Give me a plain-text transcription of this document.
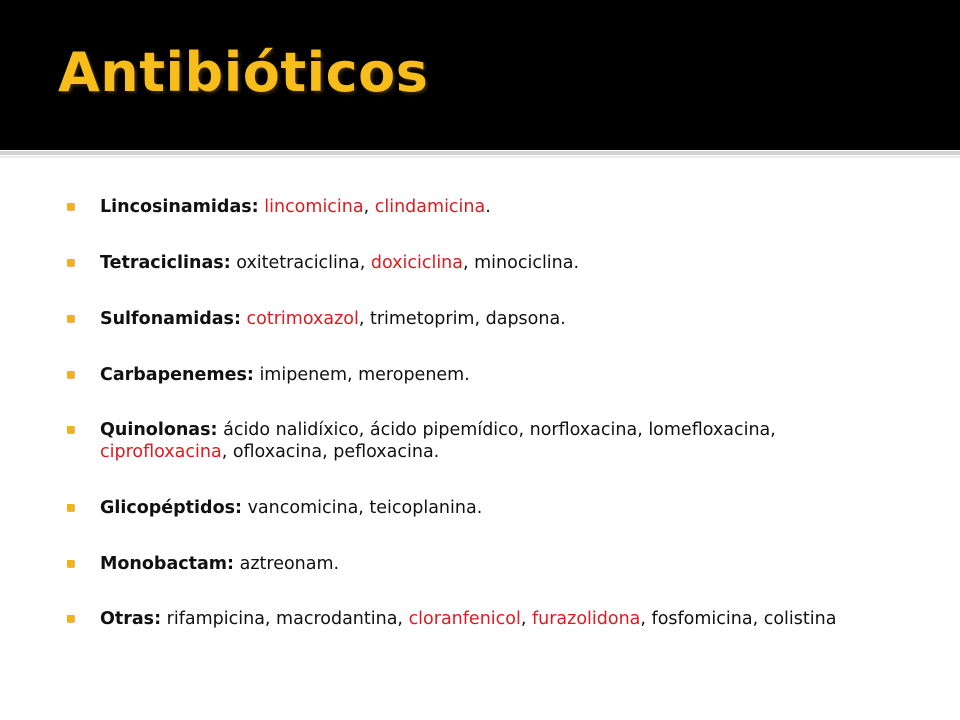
Antibióticos
Lincosinamidas: lincomicina, clindamicina.
Tetraciclinas: oxitetraciclina, doxiciclina, minociclina.
Sulfonamidas: cotrimoxazol, trimetoprim, dapsona.
Carbapenemes: imipenem, meropenem.
Quinolonas: ácido nalidíxico, ácido pipemídico, norfloxacina, lomefloxacina, ciprofloxacina, ofloxacina, pefloxacina.
Glicopéptidos: vancomicina, teicoplanina.
Monobactam: aztreonam.
Otras: rifampicina, macrodantina, cloranfenicol, furazolidona, fosfomicina, colistina
